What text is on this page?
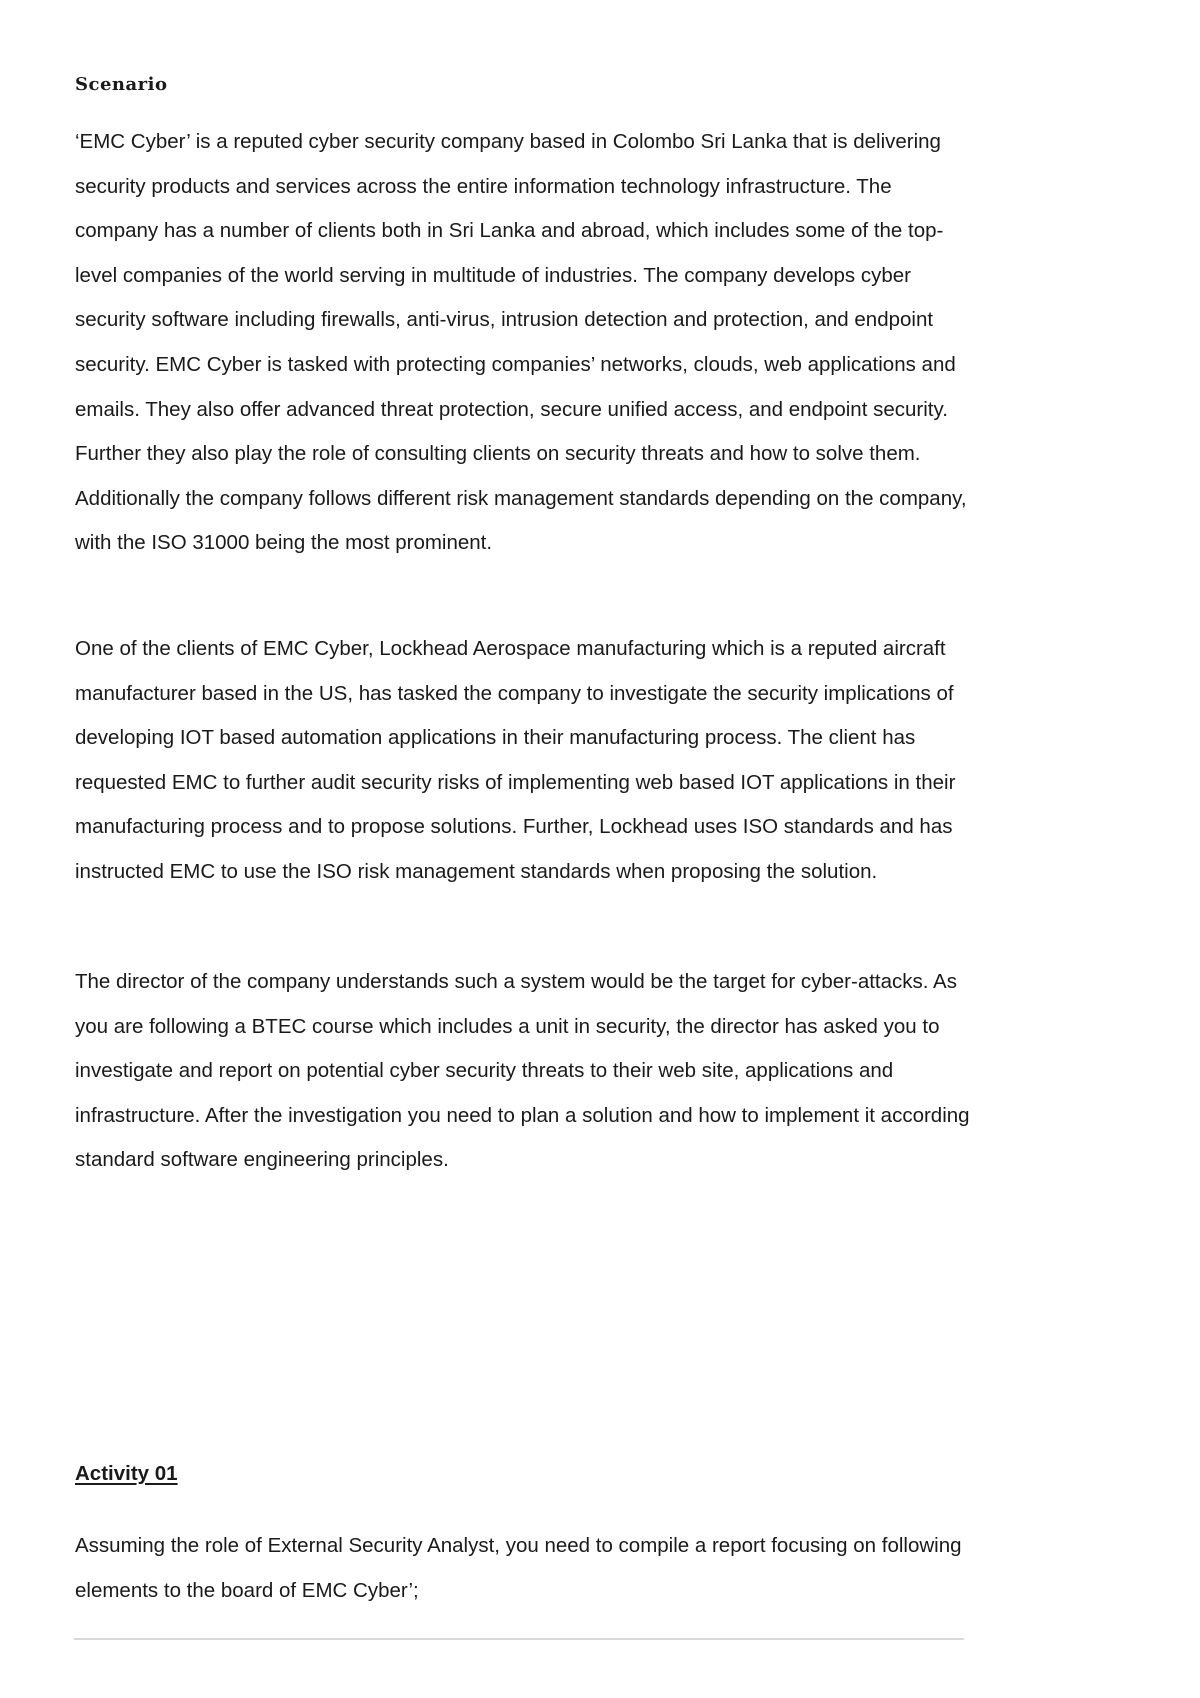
Scenario

‘EMC Cyber’ is a reputed cyber security company based in Colombo Sri Lanka that is delivering security products and services across the entire information technology infrastructure. The company has a number of clients both in Sri Lanka and abroad, which includes some of the top-level companies of the world serving in multitude of industries. The company develops cyber security software including firewalls, anti-virus, intrusion detection and protection, and endpoint security. EMC Cyber is tasked with protecting companies’ networks, clouds, web applications and emails. They also offer advanced threat protection, secure unified access, and endpoint security. Further they also play the role of consulting clients on security threats and how to solve them. Additionally the company follows different risk management standards depending on the company, with the ISO 31000 being the most prominent.

One of the clients of EMC Cyber, Lockhead Aerospace manufacturing which is a reputed aircraft manufacturer based in the US, has tasked the company to investigate the security implications of developing IOT based automation applications in their manufacturing process. The client has requested EMC to further audit security risks of implementing web based IOT applications in their manufacturing process and to propose solutions. Further, Lockhead uses ISO standards and has instructed EMC to use the ISO risk management standards when proposing the solution.

The director of the company understands such a system would be the target for cyber-attacks. As you are following a BTEC course which includes a unit in security, the director has asked you to investigate and report on potential cyber security threats to their web site, applications and infrastructure. After the investigation you need to plan a solution and how to implement it according standard software engineering principles.

Activity 01

Assuming the role of External Security Analyst, you need to compile a report focusing on following elements to the board of EMC Cyber’;
